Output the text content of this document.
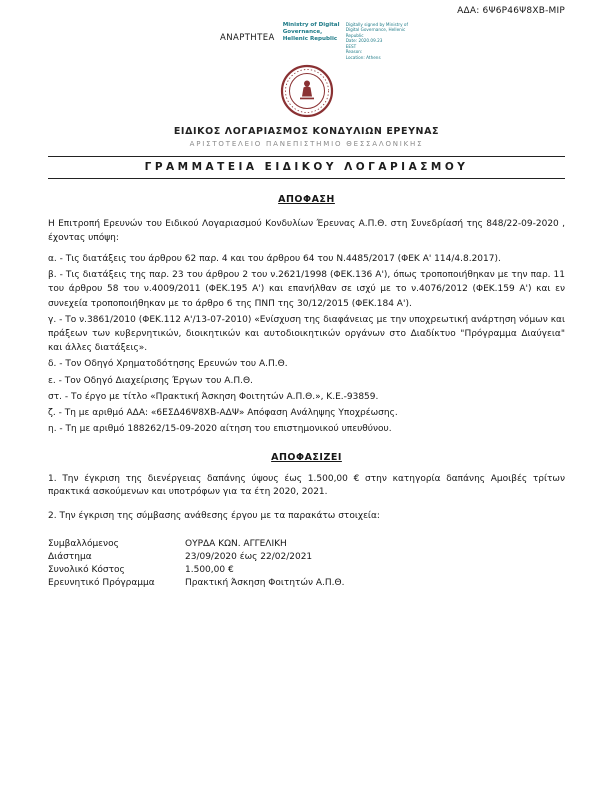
ΑΔΑ: 6Ψ6Ρ46Ψ8ΧΒ-ΜΙΡ
ΑΝΑΡΤΗΤΕΑ
Ministry of Digital Governance, Hellenic Republic
Digitally signed by Ministry of Digital Governance, Hellenic Republic
Date: 2020.09.23
EEST
Reason:
Location: Athens
ΕΙΔΙΚΟΣ ΛΟΓΑΡΙΑΣΜΟΣ ΚΟΝΔΥΛΙΩΝ ΕΡΕΥΝΑΣ
ΑΡΙΣΤΟΤΕΛΕΙΟ ΠΑΝΕΠΙΣΤΗΜΙΟ ΘΕΣΣΑΛΟΝΙΚΗΣ
ΓΡΑΜΜΑΤΕΙΑ ΕΙΔΙΚΟΥ ΛΟΓΑΡΙΑΣΜΟΥ
ΑΠΟΦΑΣΗ

Η Επιτροπή Ερευνών του Ειδικού Λογαριασμού Κονδυλίων Έρευνας Α.Π.Θ. στη Συνεδρίασή της 848/22-09-2020 , έχοντας υπόψη:

α. - Τις διατάξεις του άρθρου 62 παρ. 4 και του άρθρου 64 του Ν.4485/2017 (ΦΕΚ Α' 114/4.8.2017).

β. - Τις διατάξεις της παρ. 23 του άρθρου 2 του ν.2621/1998 (ΦΕΚ.136 Α'), όπως τροποποιήθηκαν με την παρ. 11 του άρθρου 58 του ν.4009/2011 (ΦΕΚ.195 Α') και επανήλθαν σε ισχύ με το ν.4076/2012 (ΦΕΚ.159 Α') και εν συνεχεία τροποποιήθηκαν με το άρθρο 6 της ΠΝΠ της 30/12/2015 (ΦΕΚ.184 Α').

γ. - Το ν.3861/2010 (ΦΕΚ.112 Α'/13-07-2010) «Ενίσχυση της διαφάνειας με την υποχρεωτική ανάρτηση νόμων και πράξεων των κυβερνητικών, διοικητικών και αυτοδιοικητικών οργάνων στο Διαδίκτυο "Πρόγραμμα Διαύγεια" και άλλες διατάξεις».

δ. - Τον Οδηγό Χρηματοδότησης Ερευνών του Α.Π.Θ.

ε. - Τον Οδηγό Διαχείρισης Έργων του Α.Π.Θ.

στ. - Το έργο με τίτλο «Πρακτική Άσκηση Φοιτητών Α.Π.Θ.», Κ.Ε.-93859.

ζ. - Τη με αριθμό ΑΔΑ: «6ΕΣΔ46Ψ8ΧΒ-ΑΔΨ» Απόφαση Ανάληψης Υποχρέωσης.

η. - Τη με αριθμό 188262/15-09-2020 αίτηση του επιστημονικού υπευθύνου.

ΑΠΟΦΑΣΙΖΕΙ

1. Την έγκριση της διενέργειας δαπάνης ύψους έως 1.500,00 € στην κατηγορία δαπάνης Αμοιβές τρίτων πρακτικά ασκούμενων και υποτρόφων για τα έτη 2020, 2021.

2. Την έγκριση της σύμβασης ανάθεσης έργου με τα παρακάτω στοιχεία:

Συμβαλλόμενος	ΟΥΡΔΑ ΚΩΝ. ΑΓΓΕΛΙΚΗ
Διάστημα	23/09/2020 έως 22/02/2021
Συνολικό Κόστος	1.500,00 €
Ερευνητικό Πρόγραμμα	Πρακτική Άσκηση Φοιτητών Α.Π.Θ.
